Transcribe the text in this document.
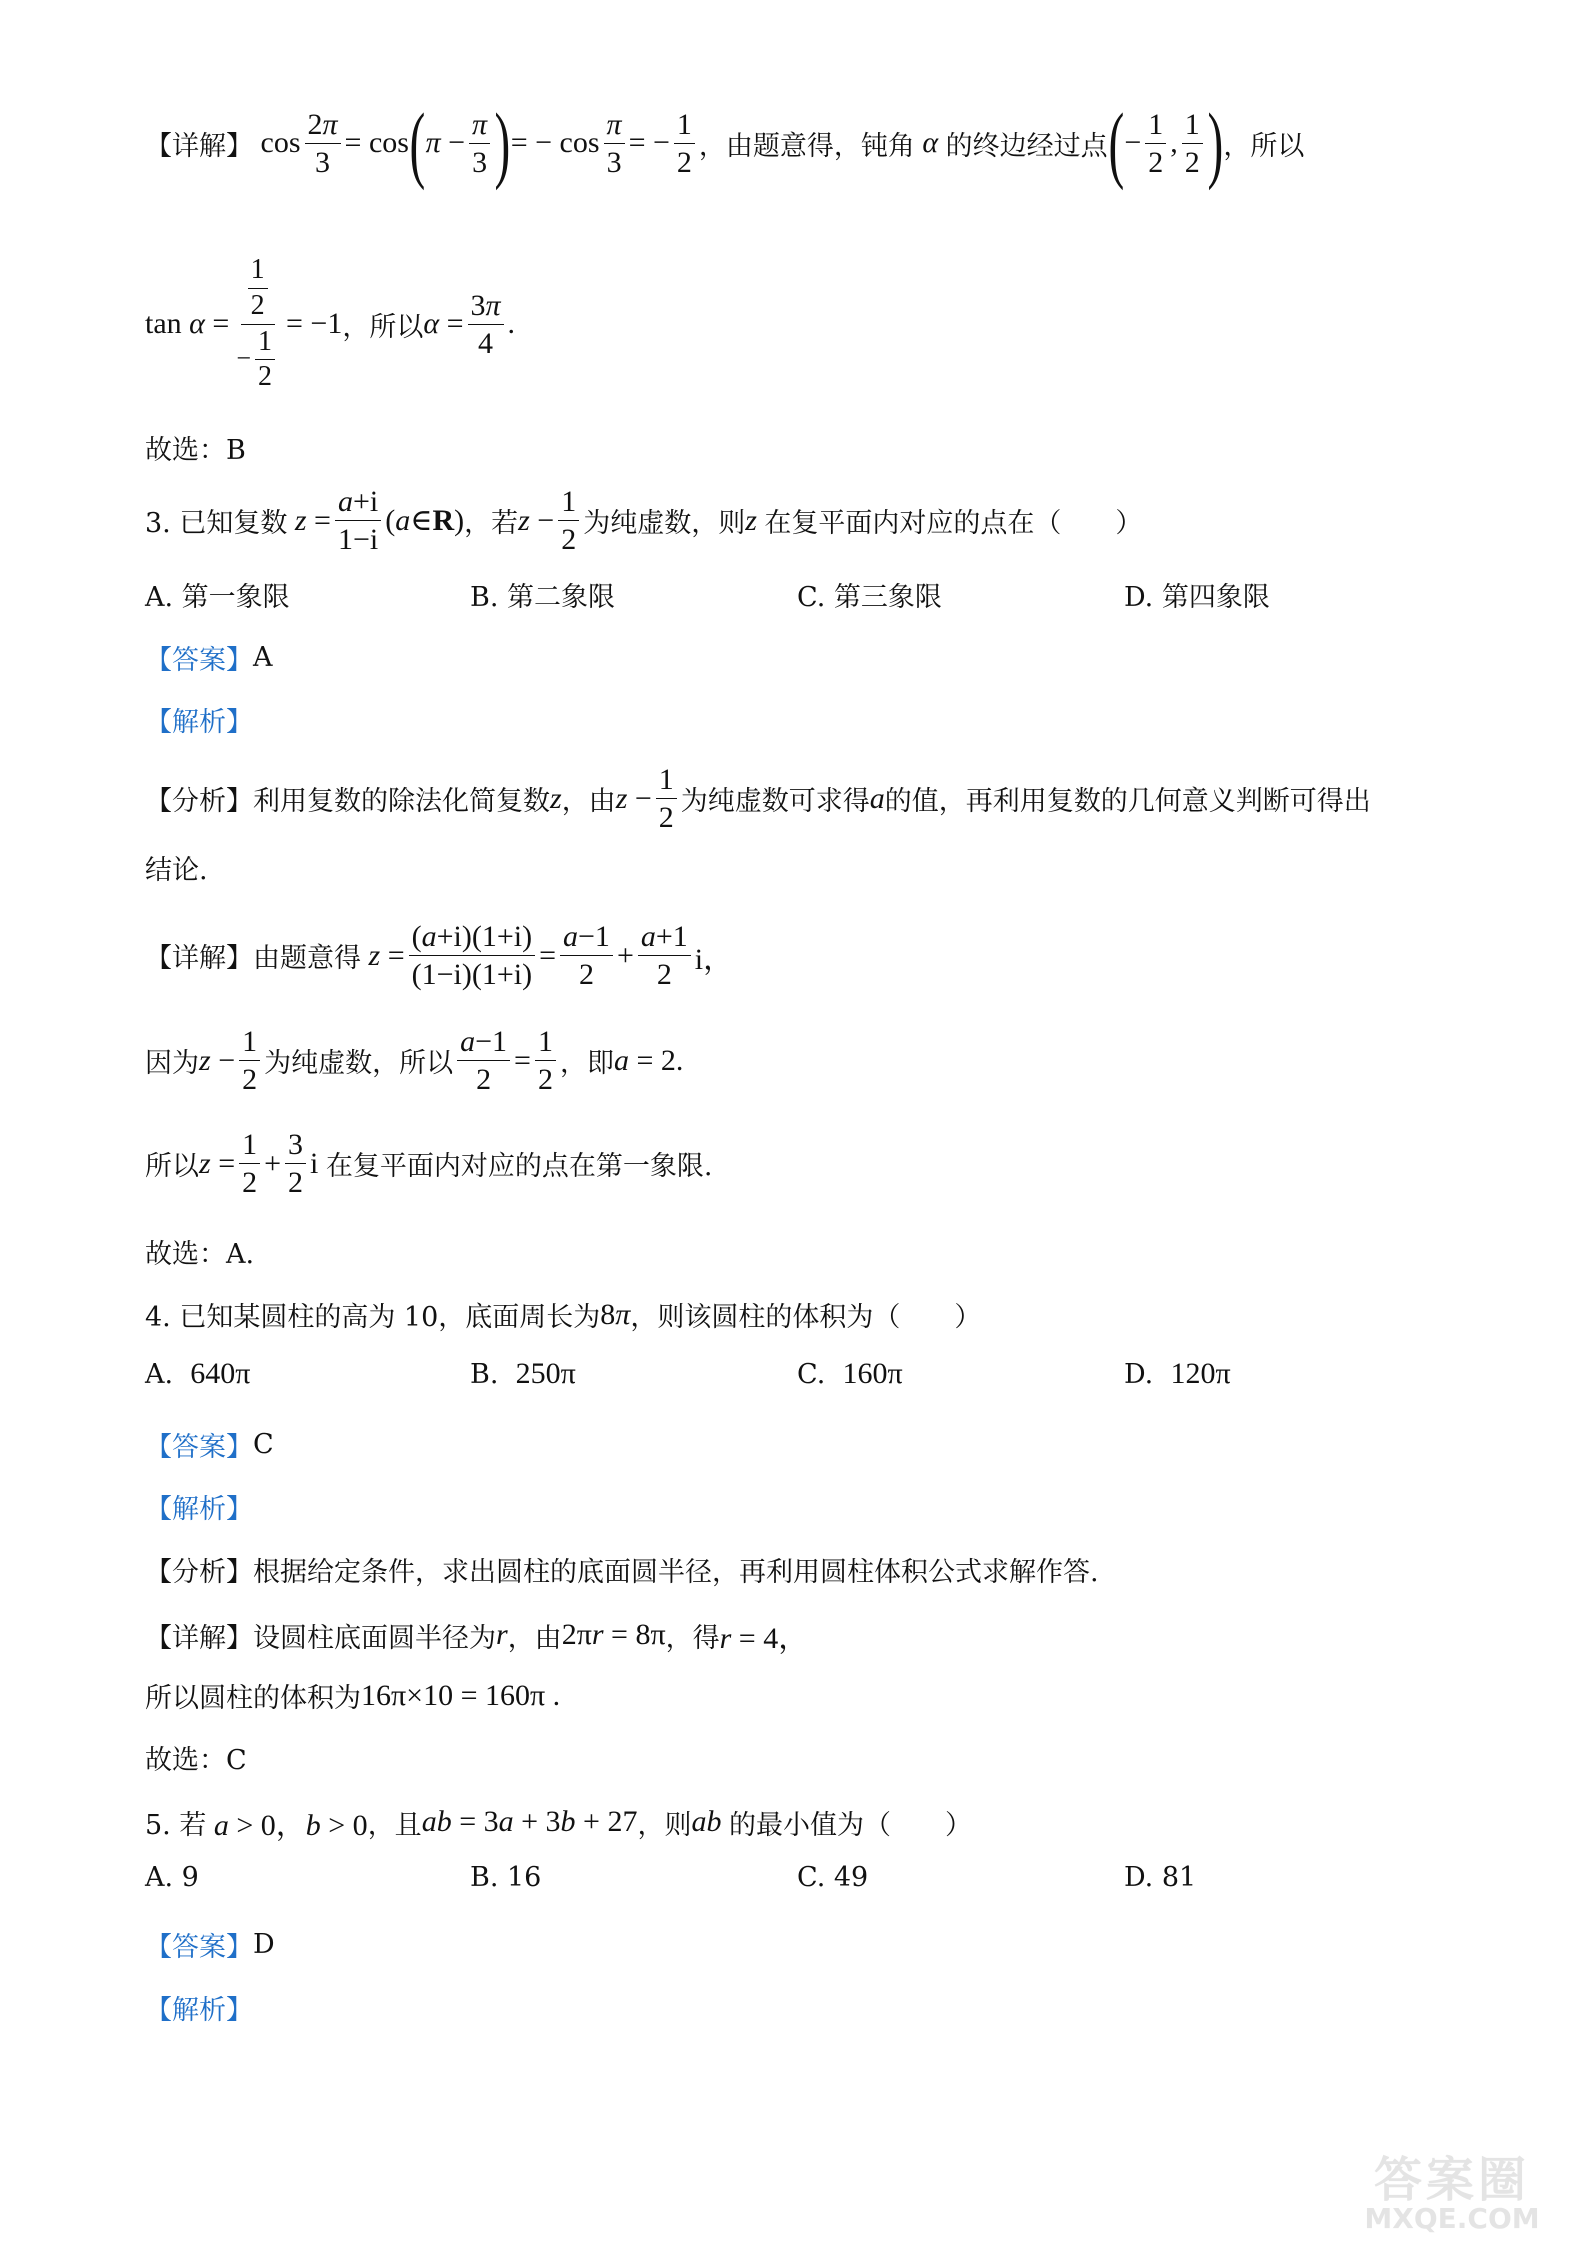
【详解】 $\cos \frac{2\pi}{3} = \cos$ ( $\pi - \frac{\pi}{3}$ ) = − $\cos \frac{\pi}{3}$ = − $\frac{1}{2}$ ，由题意得，钝角 α 的终边经过点 ( − $\frac{1}{2}$ , $\frac{1}{2}$ ) ，所以
$\tan \alpha = \frac{\frac{1}{2}}{- \frac{1}{2}} = -1$ ，所以 $\alpha = \frac{3\pi}{4}$ .
故选：B
3. 已知复数 $z = \frac{a+i}{1-i}$ (a∈R) ，若 $z - \frac{1}{2}$ 为纯虚数，则 z 在复平面内对应的点在（　　）
A. 第一象限	B. 第二象限	C. 第三象限	D. 第四象限
【答案】 A
【解析】
【分析】 利用复数的除法化简复数 z ，由 $z - \frac{1}{2}$ 为纯虚数可求得 a 的值，再利用复数的几何意义判断可得出
结论.
【详解】 由题意得 $z = \frac{(a+i)(1+i)}{(1-i)(1+i)} = \frac{a-1}{2} + \frac{a+1}{2}$ i，
因为 $z - \frac{1}{2}$ 为纯虚数，所以 $\frac{a-1}{2} = \frac{1}{2}$ ，即 a = 2.
所以 $z = \frac{1}{2} + \frac{3}{2}$ i 在复平面内对应的点在第一象限.
故选：A.
4. 已知某圆柱的高为 10，底面周长为 8π ，则该圆柱的体积为（　　）
A.
640π	B.
250π	C.
160π	D.
120π
【答案】 C
【解析】
【分析】 根据给定条件，求出圆柱的底面圆半径，再利用圆柱体积公式求解作答.
【详解】 设圆柱底面圆半径为 r ，由 2πr = 8π ，得 r = 4，
所以圆柱的体积为 16π×10 = 160π .
故选：C
5. 若 a > 0，b > 0 ，且 ab = 3a + 3b + 27 ，则 ab 的最小值为（　　）
A. 9	B. 16	C. 49	D. 81
【答案】 D
【解析】
答案圈
MXQE.COM
